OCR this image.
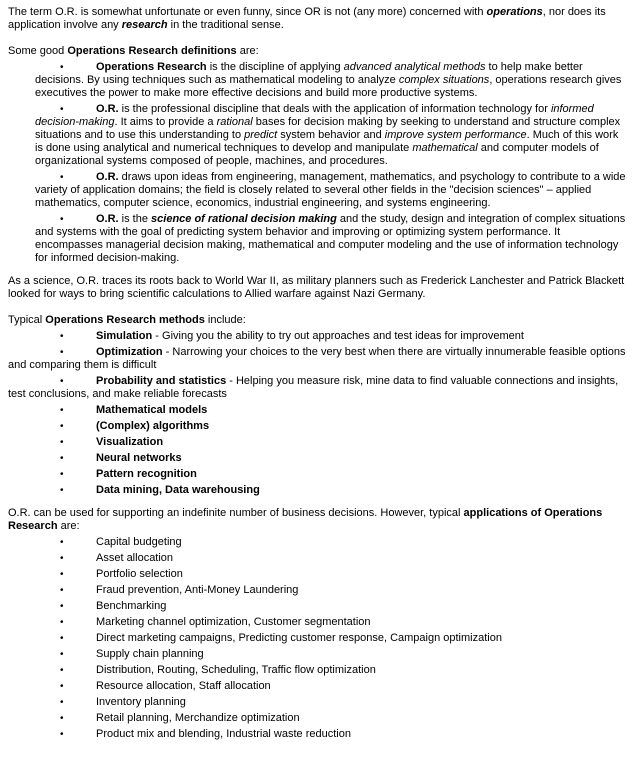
The term O.R. is somewhat unfortunate or even funny, since OR is not (any more) concerned with operations, nor does its application involve any research in the traditional sense.
Some good Operations Research definitions are:
•	Operations Research is the discipline of applying advanced analytical methods to help make better decisions. By using techniques such as mathematical modeling to analyze complex situations, operations research gives executives the power to make more effective decisions and build more productive systems.
•	O.R. is the professional discipline that deals with the application of information technology for informed decision-making. It aims to provide a rational bases for decision making by seeking to understand and structure complex situations and to use this understanding to predict system behavior and improve system performance. Much of this work is done using analytical and numerical techniques to develop and manipulate mathematical and computer models of organizational systems composed of people, machines, and procedures.
•	O.R. draws upon ideas from engineering, management, mathematics, and psychology to contribute to a wide variety of application domains; the field is closely related to several other fields in the "decision sciences" – applied mathematics, computer science, economics, industrial engineering, and systems engineering.
•	O.R. is the science of rational decision making and the study, design and integration of complex situations and systems with the goal of predicting system behavior and improving or optimizing system performance. It encompasses managerial decision making, mathematical and computer modeling and the use of information technology for informed decision-making.
As a science, O.R. traces its roots back to World War II, as military planners such as Frederick Lanchester and Patrick Blackett looked for ways to bring scientific calculations to Allied warfare against Nazi Germany.
Typical Operations Research methods include:
•	Simulation - Giving you the ability to try out approaches and test ideas for improvement
•	Optimization - Narrowing your choices to the very best when there are virtually innumerable feasible options and comparing them is difficult
•	Probability and statistics - Helping you measure risk, mine data to find valuable connections and insights, test conclusions, and make reliable forecasts
•	Mathematical models
•	(Complex) algorithms
•	Visualization
•	Neural networks
•	Pattern recognition
•	Data mining, Data warehousing
O.R. can be used for supporting an indefinite number of business decisions. However, typical applications of Operations Research are:
•	Capital budgeting
•	Asset allocation
•	Portfolio selection
•	Fraud prevention, Anti-Money Laundering
•	Benchmarking
•	Marketing channel optimization, Customer segmentation
•	Direct marketing campaigns, Predicting customer response, Campaign optimization
•	Supply chain planning
•	Distribution, Routing, Scheduling, Traffic flow optimization
•	Resource allocation, Staff allocation
•	Inventory planning
•	Retail planning, Merchandize optimization
•	Product mix and blending, Industrial waste reduction
